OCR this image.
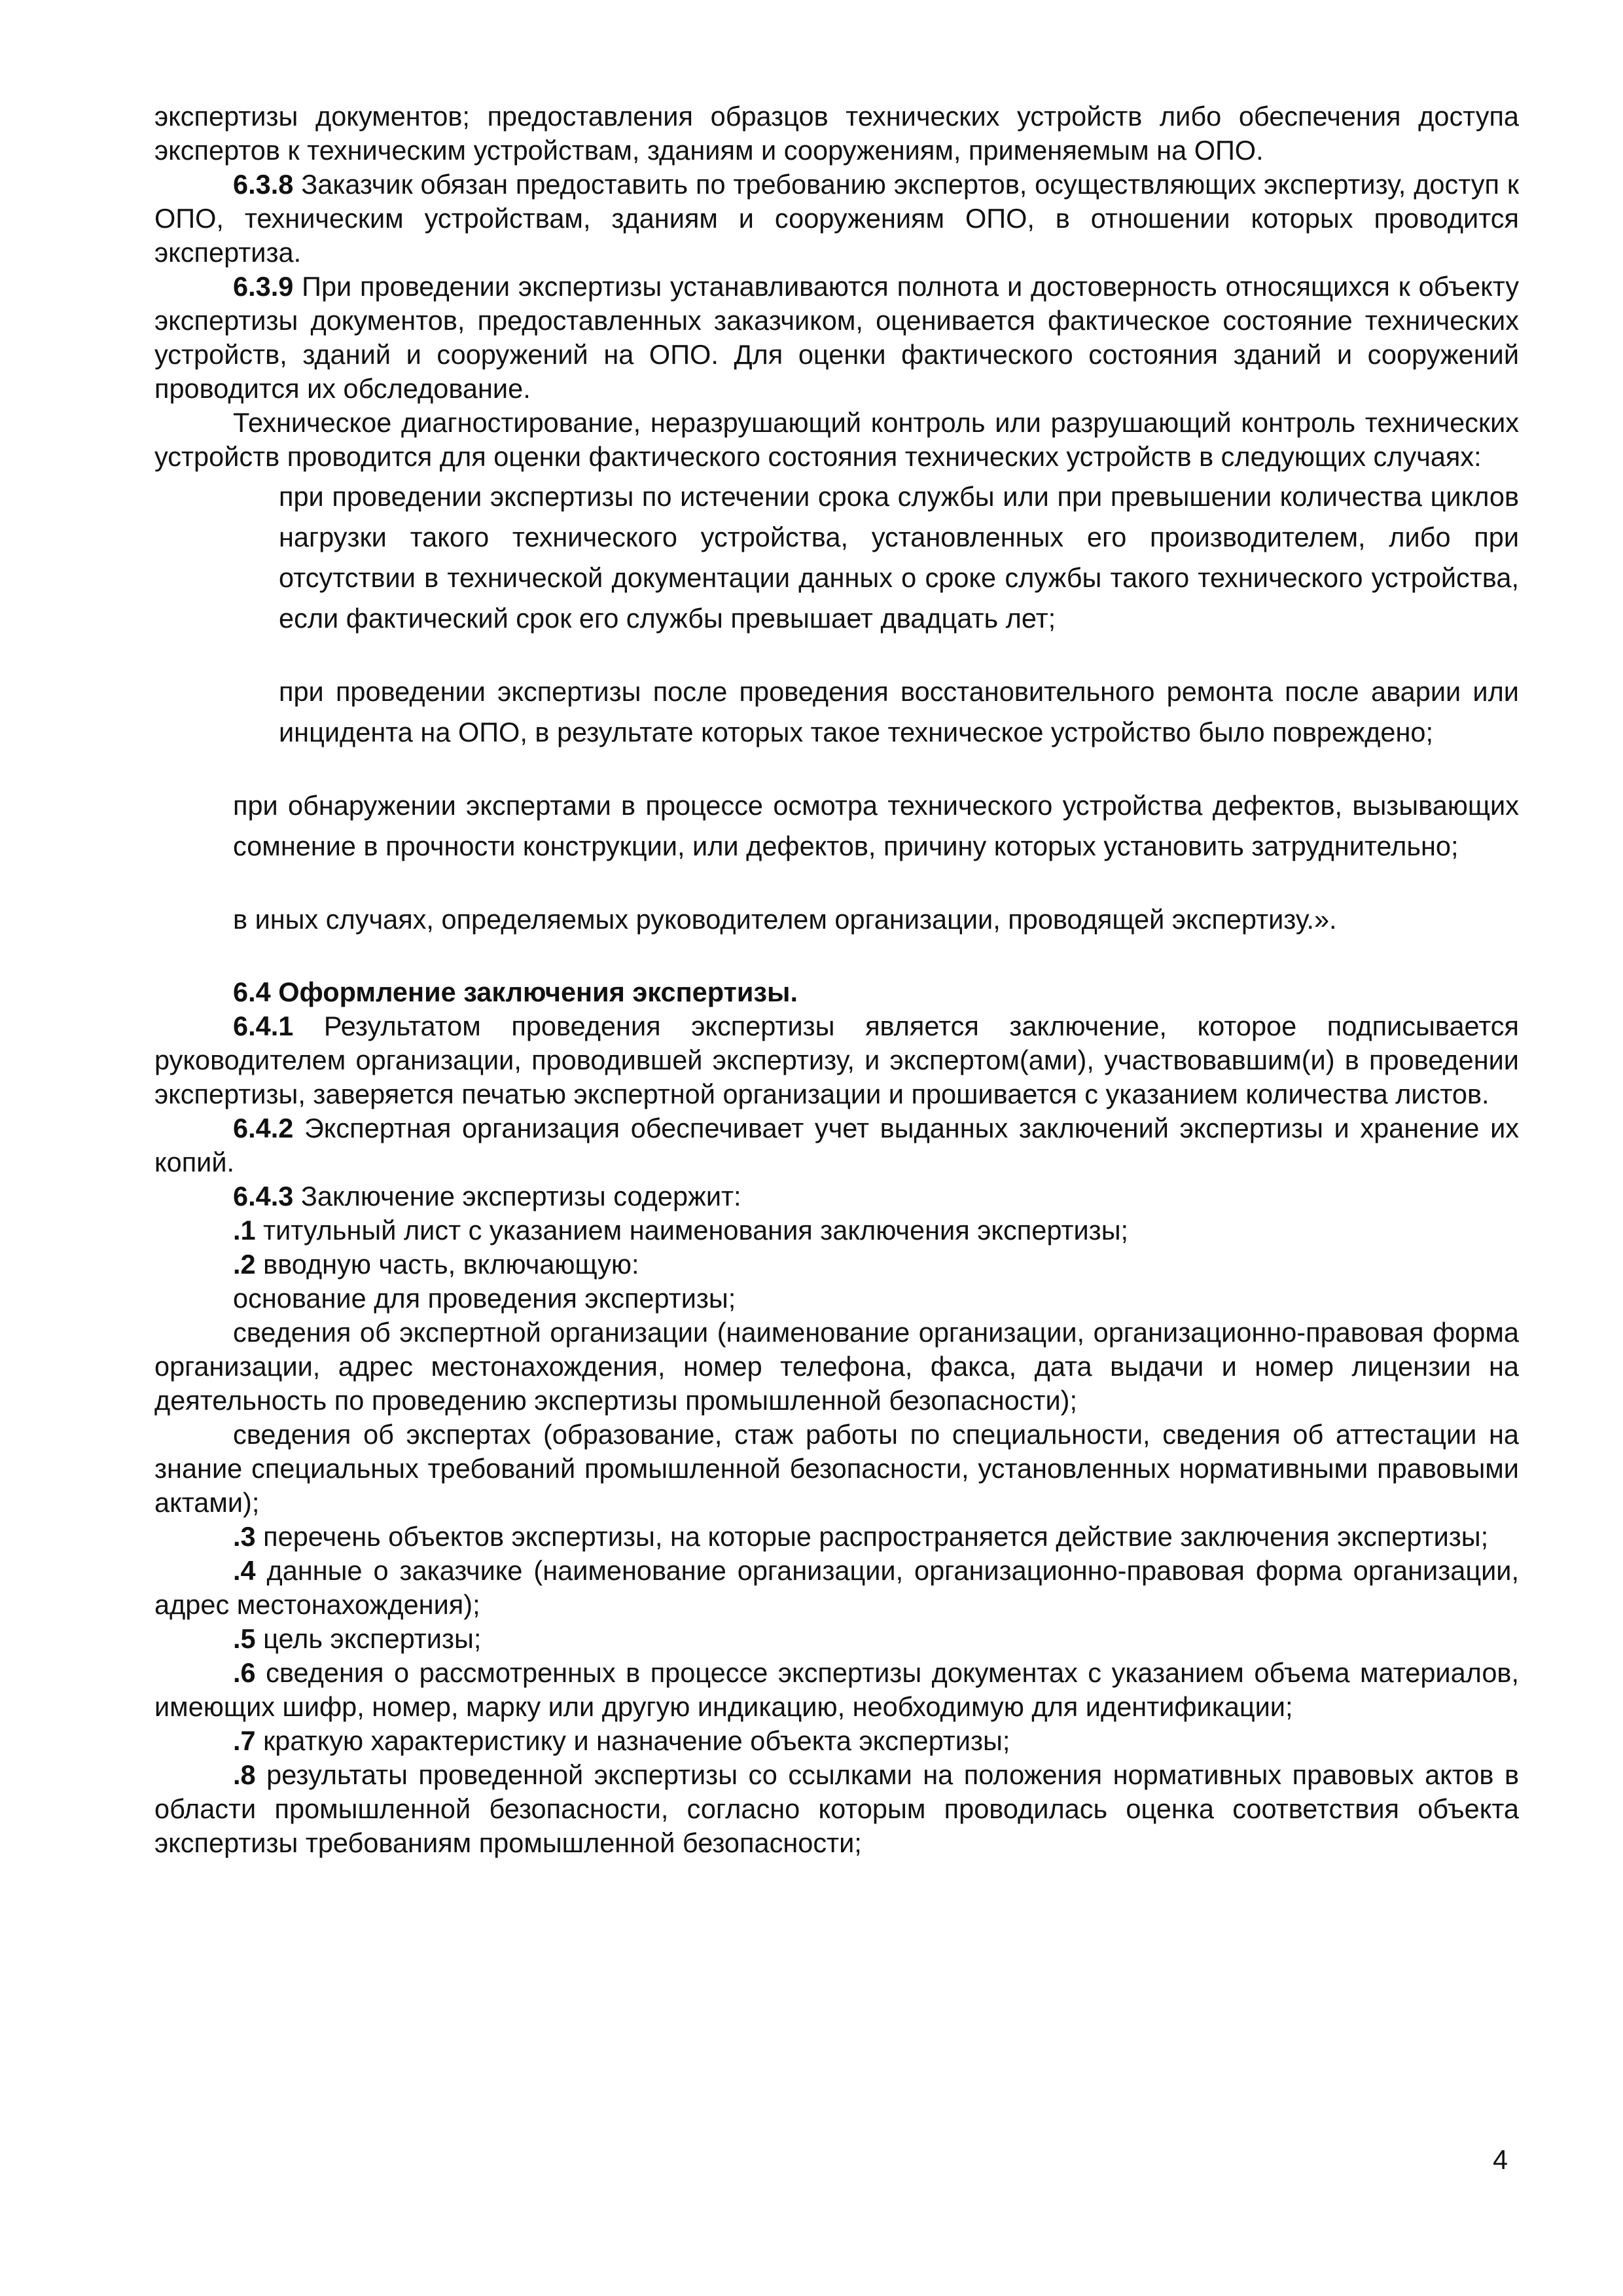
экспертизы документов; предоставления образцов технических устройств либо обеспечения доступа экспертов к техническим устройствам, зданиям и сооружениям, применяемым на ОПО.

6.3.8 Заказчик обязан предоставить по требованию экспертов, осуществляющих экспертизу, доступ к ОПО, техническим устройствам, зданиям и сооружениям ОПО, в отношении которых проводится экспертиза.

6.3.9 При проведении экспертизы устанавливаются полнота и достоверность относящихся к объекту экспертизы документов, предоставленных заказчиком, оценивается фактическое состояние технических устройств, зданий и сооружений на ОПО. Для оценки фактического состояния зданий и сооружений проводится их обследование.

Техническое диагностирование, неразрушающий контроль или разрушающий контроль технических устройств проводится для оценки фактического состояния технических устройств в следующих случаях:

при проведении экспертизы по истечении срока службы или при превышении количества циклов нагрузки такого технического устройства, установленных его производителем, либо при отсутствии в технической документации данных о сроке службы такого технического устройства, если фактический срок его службы превышает двадцать лет;

при проведении экспертизы после проведения восстановительного ремонта после аварии или инцидента на ОПО, в результате которых такое техническое устройство было повреждено;

при обнаружении экспертами в процессе осмотра технического устройства дефектов, вызывающих сомнение в прочности конструкции, или дефектов, причину которых установить затруднительно;

в иных случаях, определяемых руководителем организации, проводящей экспертизу.».

6.4 Оформление заключения экспертизы.

6.4.1 Результатом проведения экспертизы является заключение, которое подписывается руководителем организации, проводившей экспертизу, и экспертом(ами), участвовавшим(и) в проведении экспертизы, заверяется печатью экспертной организации и прошивается с указанием количества листов.

6.4.2 Экспертная организация обеспечивает учет выданных заключений экспертизы и хранение их копий.

6.4.3 Заключение экспертизы содержит:

.1 титульный лист с указанием наименования заключения экспертизы;

.2 вводную часть, включающую:

основание для проведения экспертизы;

сведения об экспертной организации (наименование организации, организационно-правовая форма организации, адрес местонахождения, номер телефона, факса, дата выдачи и номер лицензии на деятельность по проведению экспертизы промышленной безопасности);

сведения об экспертах (образование, стаж работы по специальности, сведения об аттестации на знание специальных требований промышленной безопасности, установленных нормативными правовыми актами);

.3 перечень объектов экспертизы, на которые распространяется действие заключения экспертизы;

.4 данные о заказчике (наименование организации, организационно-правовая форма организации, адрес местонахождения);

.5 цель экспертизы;

.6 сведения о рассмотренных в процессе экспертизы документах с указанием объема материалов, имеющих шифр, номер, марку или другую индикацию, необходимую для идентификации;

.7 краткую характеристику и назначение объекта экспертизы;

.8 результаты проведенной экспертизы со ссылками на положения нормативных правовых актов в области промышленной безопасности, согласно которым проводилась оценка соответствия объекта экспертизы требованиям промышленной безопасности;

4
